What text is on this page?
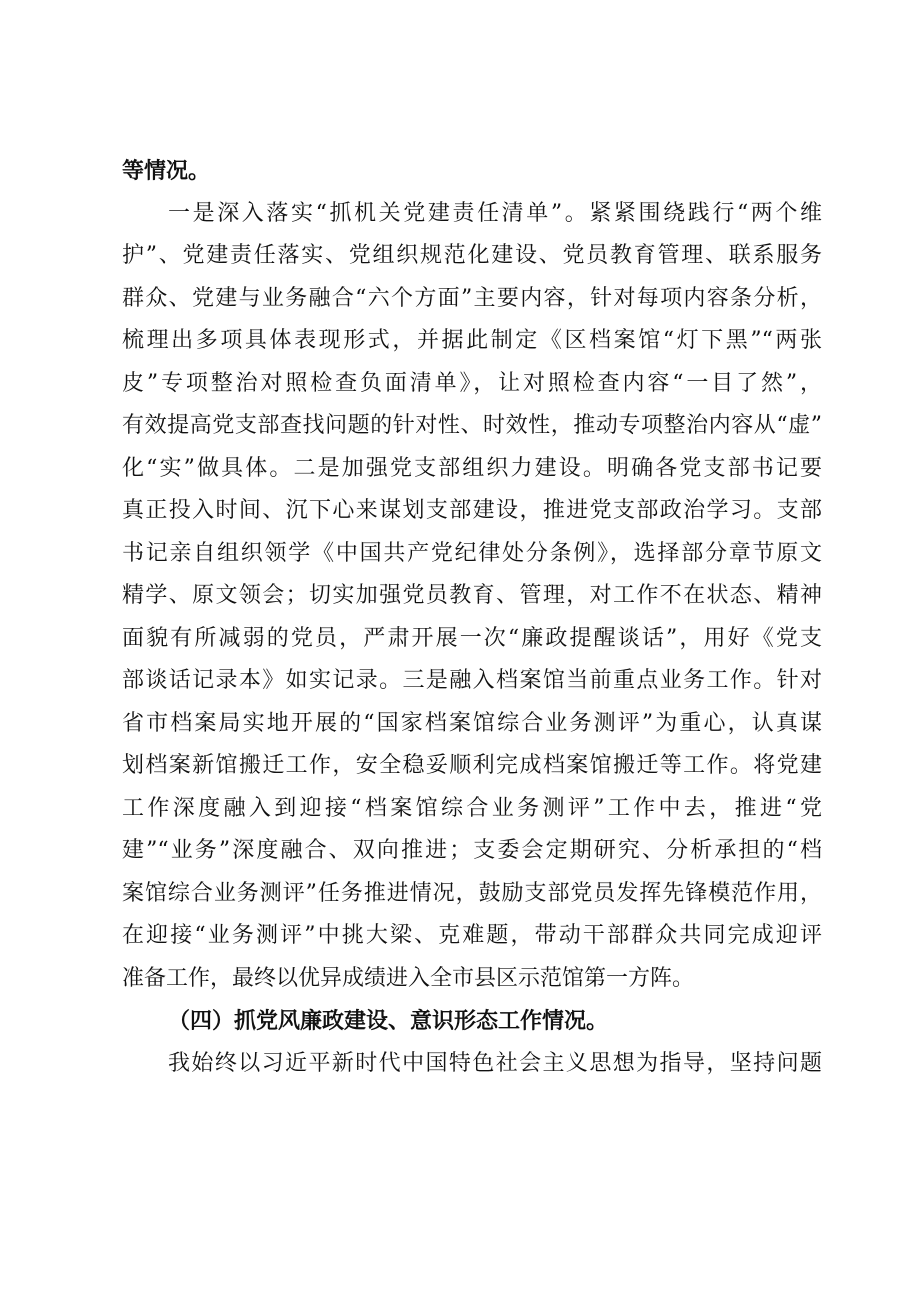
等情况。
一是深入落实“抓机关党建责任清单”。紧紧围绕践行“两个维
护”、党建责任落实、党组织规范化建设、党员教育管理、联系服务
群众、党建与业务融合“六个方面”主要内容，针对每项内容条分析，
梳理出多项具体表现形式，并据此制定《区档案馆“灯下黑”“两张
皮”专项整治对照检查负面清单》，让对照检查内容“一目了然”，
有效提高党支部查找问题的针对性、时效性，推动专项整治内容从“虚”
化“实”做具体。二是加强党支部组织力建设。明确各党支部书记要
真正投入时间、沉下心来谋划支部建设，推进党支部政治学习。支部
书记亲自组织领学《中国共产党纪律处分条例》，选择部分章节原文
精学、原文领会；切实加强党员教育、管理，对工作不在状态、精神
面貌有所减弱的党员，严肃开展一次“廉政提醒谈话”，用好《党支
部谈话记录本》如实记录。三是融入档案馆当前重点业务工作。针对
省市档案局实地开展的“国家档案馆综合业务测评”为重心，认真谋
划档案新馆搬迁工作，安全稳妥顺利完成档案馆搬迁等工作。将党建
工作深度融入到迎接“档案馆综合业务测评”工作中去，推进“党
建”“业务”深度融合、双向推进；支委会定期研究、分析承担的“档
案馆综合业务测评”任务推进情况，鼓励支部党员发挥先锋模范作用，
在迎接“业务测评”中挑大梁、克难题，带动干部群众共同完成迎评
准备工作，最终以优异成绩进入全市县区示范馆第一方阵。
（四）抓党风廉政建设、意识形态工作情况。
我始终以习近平新时代中国特色社会主义思想为指导，坚持问题
